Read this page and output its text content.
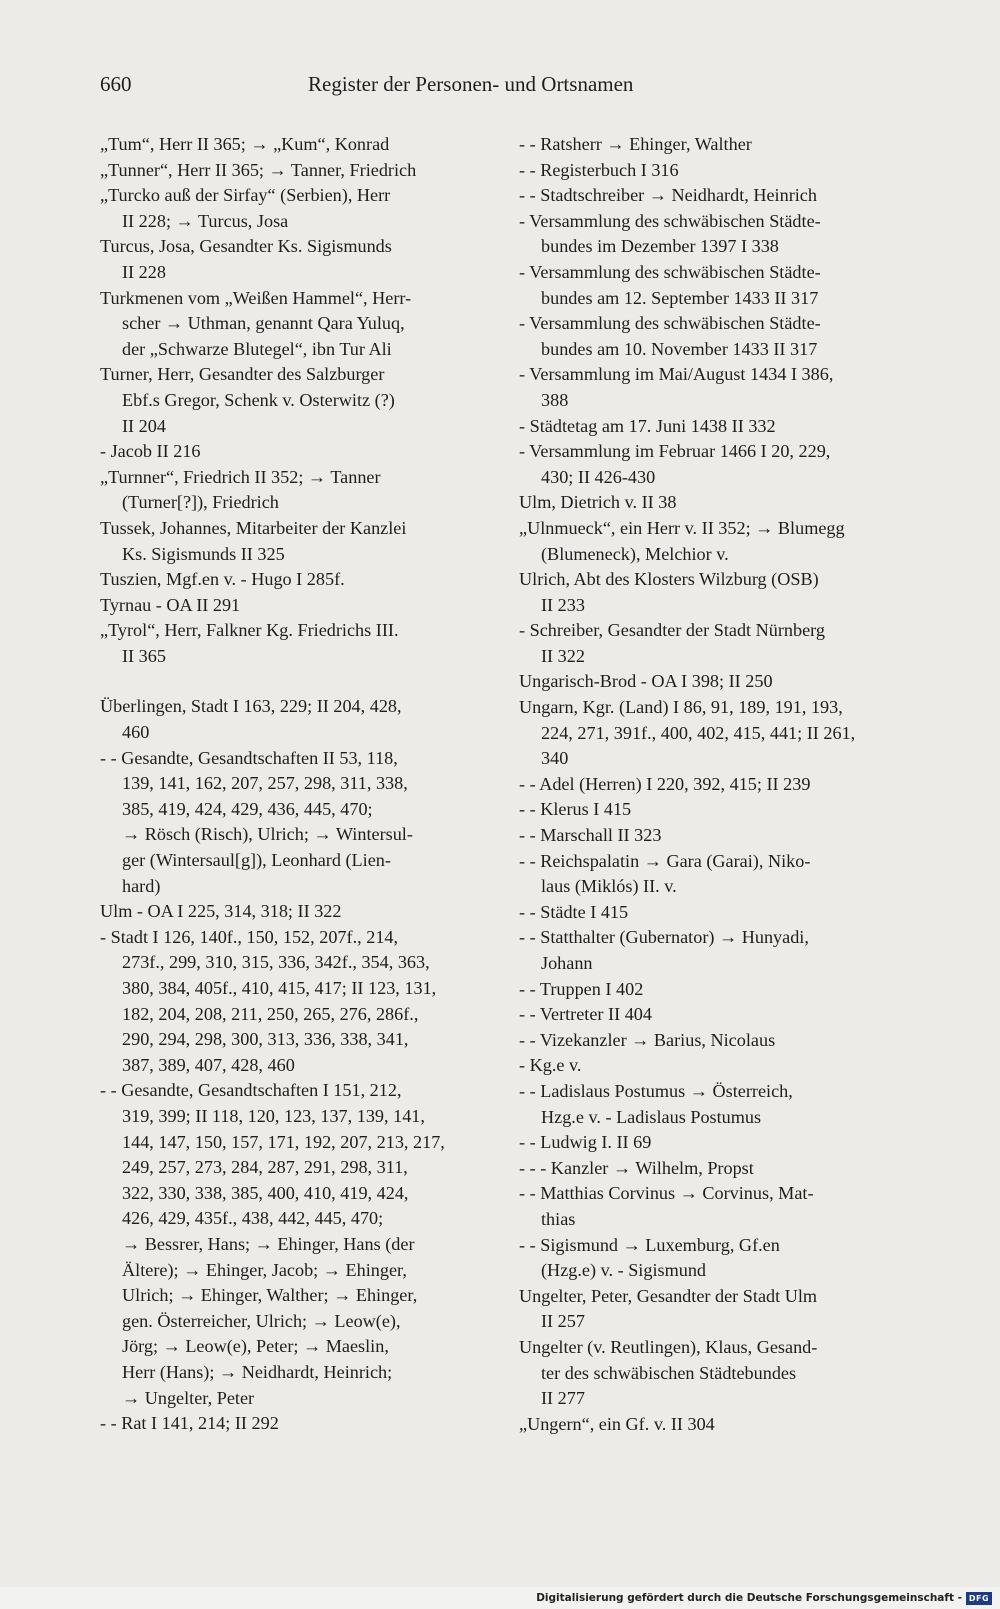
660	Register der Personen- und Ortsnamen

„Tum“, Herr II 365; → „Kum“, Konrad

„Tunner“, Herr II 365; → Tanner, Friedrich

„Turcko auß der Sirfay“ (Serbien), Herr
II 228; → Turcus, Josa

Turcus, Josa, Gesandter Ks. Sigismunds
II 228

Turkmenen vom „Weißen Hammel“, Herr-
scher → Uthman, genannt Qara Yuluq,
der „Schwarze Blutegel“, ibn Tur Ali

Turner, Herr, Gesandter des Salzburger
Ebf.s Gregor, Schenk v. Osterwitz (?)
II 204

- Jacob II 216

„Turnner“, Friedrich II 352; → Tanner
(Turner[?]), Friedrich

Tussek, Johannes, Mitarbeiter der Kanzlei
Ks. Sigismunds II 325

Tuszien, Mgf.en v. - Hugo I 285f.

Tyrnau - OA II 291

„Tyrol“, Herr, Falkner Kg. Friedrichs III.
II 365

Überlingen, Stadt I 163, 229; II 204, 428,
460

- - Gesandte, Gesandtschaften II 53, 118,
139, 141, 162, 207, 257, 298, 311, 338,
385, 419, 424, 429, 436, 445, 470;
→ Rösch (Risch), Ulrich; → Wintersul-
ger (Wintersaul[g]), Leonhard (Lien-
hard)

Ulm - OA I 225, 314, 318; II 322

- Stadt I 126, 140f., 150, 152, 207f., 214,
273f., 299, 310, 315, 336, 342f., 354, 363,
380, 384, 405f., 410, 415, 417; II 123, 131,
182, 204, 208, 211, 250, 265, 276, 286f.,
290, 294, 298, 300, 313, 336, 338, 341,
387, 389, 407, 428, 460

- - Gesandte, Gesandtschaften I 151, 212,
319, 399; II 118, 120, 123, 137, 139, 141,
144, 147, 150, 157, 171, 192, 207, 213, 217,
249, 257, 273, 284, 287, 291, 298, 311,
322, 330, 338, 385, 400, 410, 419, 424,
426, 429, 435f., 438, 442, 445, 470;
→ Bessrer, Hans; → Ehinger, Hans (der
Ältere); → Ehinger, Jacob; → Ehinger,
Ulrich; → Ehinger, Walther; → Ehinger,
gen. Österreicher, Ulrich; → Leow(e),
Jörg; → Leow(e), Peter; → Maeslin,
Herr (Hans); → Neidhardt, Heinrich;
→ Ungelter, Peter

- - Rat I 141, 214; II 292

- - Ratsherr → Ehinger, Walther

- - Registerbuch I 316

- - Stadtschreiber → Neidhardt, Heinrich

- Versammlung des schwäbischen Städte-
bundes im Dezember 1397 I 338

- Versammlung des schwäbischen Städte-
bundes am 12. September 1433 II 317

- Versammlung des schwäbischen Städte-
bundes am 10. November 1433 II 317

- Versammlung im Mai/August 1434 I 386,
388

- Städtetag am 17. Juni 1438 II 332

- Versammlung im Februar 1466 I 20, 229,
430; II 426-430

Ulm, Dietrich v. II 38

„Ulnmueck“, ein Herr v. II 352; → Blumegg
(Blumeneck), Melchior v.

Ulrich, Abt des Klosters Wilzburg (OSB)
II 233

- Schreiber, Gesandter der Stadt Nürnberg
II 322

Ungarisch-Brod - OA I 398; II 250

Ungarn, Kgr. (Land) I 86, 91, 189, 191, 193,
224, 271, 391f., 400, 402, 415, 441; II 261,
340

- - Adel (Herren) I 220, 392, 415; II 239

- - Klerus I 415

- - Marschall II 323

- - Reichspalatin → Gara (Garai), Niko-
laus (Miklós) II. v.

- - Städte I 415

- - Statthalter (Gubernator) → Hunyadi,
Johann

- - Truppen I 402

- - Vertreter II 404

- - Vizekanzler → Barius, Nicolaus

- Kg.e v.

- - Ladislaus Postumus → Österreich,
Hzg.e v. - Ladislaus Postumus

- - Ludwig I. II 69

- - - Kanzler → Wilhelm, Propst

- - Matthias Corvinus → Corvinus, Mat-
thias

- - Sigismund → Luxemburg, Gf.en
(Hzg.e) v. - Sigismund

Ungelter, Peter, Gesandter der Stadt Ulm
II 257

Ungelter (v. Reutlingen), Klaus, Gesand-
ter des schwäbischen Städtebundes
II 277

„Ungern“, ein Gf. v. II 304

Digitalisierung gefördert durch die Deutsche Forschungsgemeinschaft - DFG
